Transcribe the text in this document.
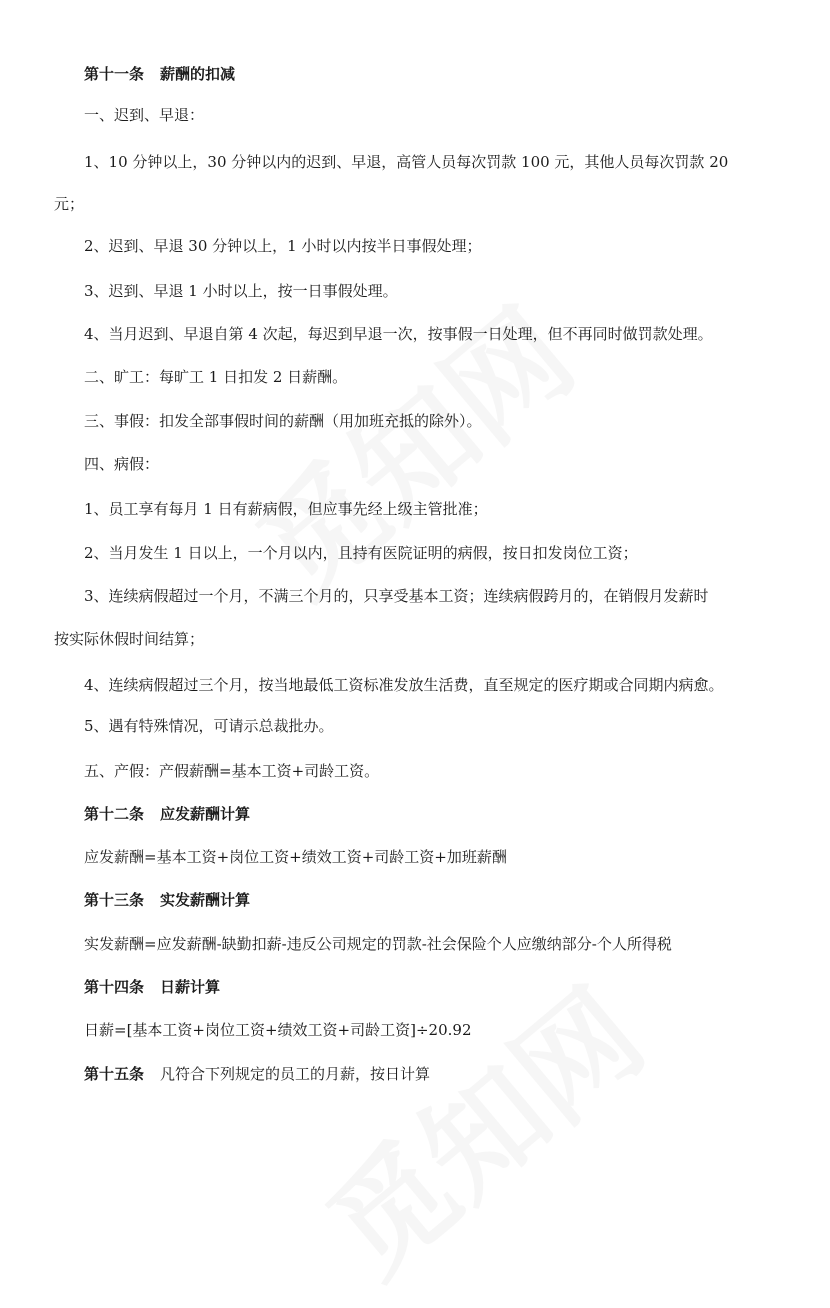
第十一条 薪酬的扣减
一、迟到、早退：
1、10 分钟以上，30 分钟以内的迟到、早退，高管人员每次罚款 100 元，其他人员每次罚款 20
元；
2、迟到、早退 30 分钟以上，1 小时以内按半日事假处理；
3、迟到、早退 1 小时以上，按一日事假处理。
4、当月迟到、早退自第 4 次起，每迟到早退一次，按事假一日处理，但不再同时做罚款处理。
二、旷工：每旷工 1 日扣发 2 日薪酬。
三、事假：扣发全部事假时间的薪酬（用加班充抵的除外）。
四、病假：
1、员工享有每月 1 日有薪病假，但应事先经上级主管批准；
2、当月发生 1 日以上，一个月以内，且持有医院证明的病假，按日扣发岗位工资；
3、连续病假超过一个月，不满三个月的，只享受基本工资；连续病假跨月的，在销假月发薪时
按实际休假时间结算；
4、连续病假超过三个月，按当地最低工资标准发放生活费，直至规定的医疗期或合同期内病愈。
5、遇有特殊情况，可请示总裁批办。
五、产假：产假薪酬=基本工资+司龄工资。
第十二条 应发薪酬计算
应发薪酬=基本工资+岗位工资+绩效工资+司龄工资+加班薪酬
第十三条 实发薪酬计算
实发薪酬=应发薪酬-缺勤扣薪-违反公司规定的罚款-社会保险个人应缴纳部分-个人所得税
第十四条 日薪计算
日薪=[基本工资+岗位工资+绩效工资+司龄工资]÷20.92
第十五条 凡符合下列规定的员工的月薪，按日计算
